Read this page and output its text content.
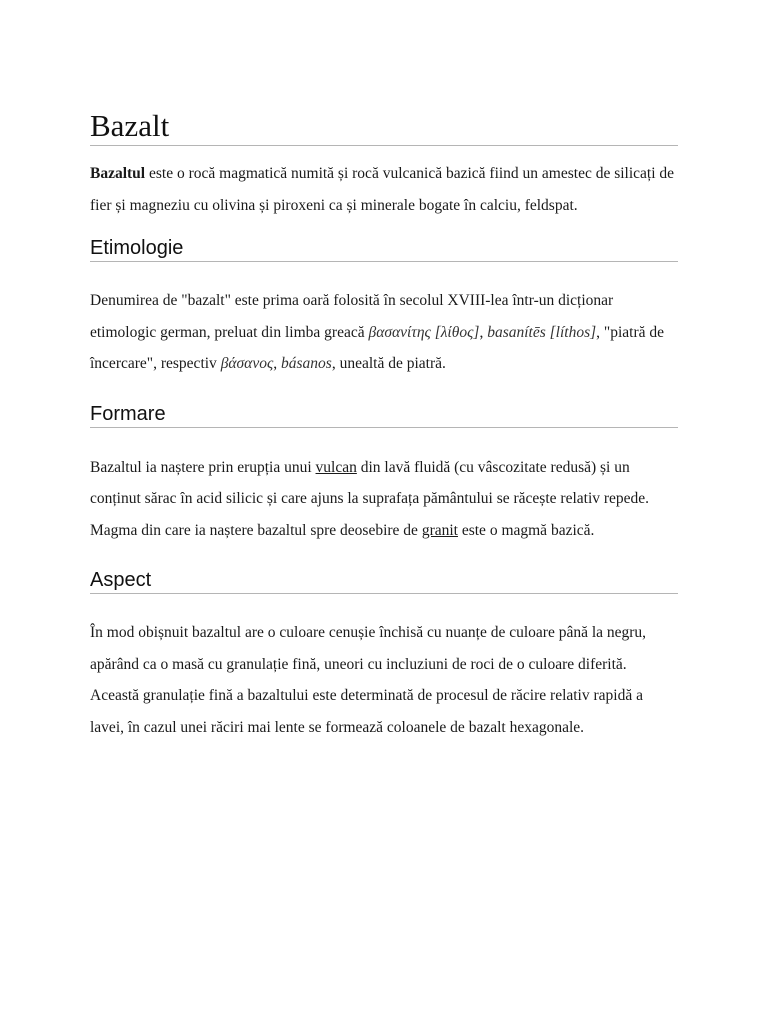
Bazalt

Bazaltul este o rocă magmatică numită și rocă vulcanică bazică fiind un amestec de silicați de fier și magneziu cu olivina și piroxeni ca și minerale bogate în calciu, feldspat.

Etimologie

Denumirea de "bazalt" este prima oară folosită în secolul XVIII-lea într-un dicționar etimologic german, preluat din limba greacă βασανίτης [λίθος], basanítēs [líthos], "piatră de încercare", respectiv βάσανος, básanos, unealtă de piatră.

Formare

Bazaltul ia naștere prin erupția unui vulcan din lavă fluidă (cu vâscozitate redusă) și un conținut sărac în acid silicic și care ajuns la suprafața pământului se răcește relativ repede. Magma din care ia naștere bazaltul spre deosebire de granit este o magmă bazică.

Aspect

În mod obișnuit bazaltul are o culoare cenușie închisă cu nuanțe de culoare până la negru, apărând ca o masă cu granulație fină, uneori cu incluziuni de roci de o culoare diferită. Această granulație fină a bazaltului este determinată de procesul de răcire relativ rapidă a lavei, în cazul unei răciri mai lente se formează coloanele de bazalt hexagonale.
